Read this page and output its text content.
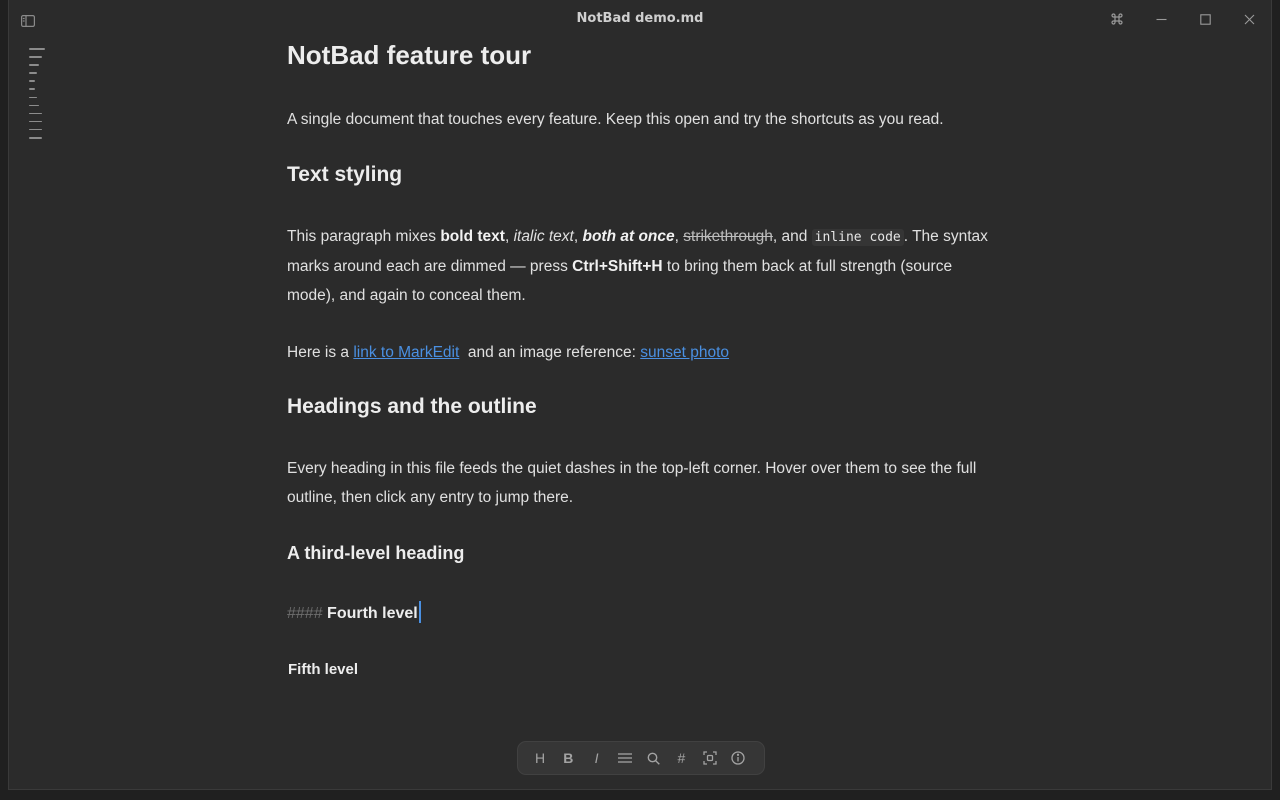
NotBad demo.md
NotBad feature tour
A single document that touches every feature. Keep this open and try the shortcuts as you read.
Text styling
This paragraph mixes bold text, italic text, both at once, strikethrough, and inline code . The syntax marks around each are dimmed — press Ctrl+Shift+H to bring them back at full strength (source mode), and again to conceal them.
Here is a link to MarkEdit  and an image reference: sunset photo
Headings and the outline
Every heading in this file feeds the quiet dashes in the top-left corner. Hover over them to see the full outline, then click any entry to jump there.
A third-level heading
#### Fourth level
Fifth level
H B I	#
